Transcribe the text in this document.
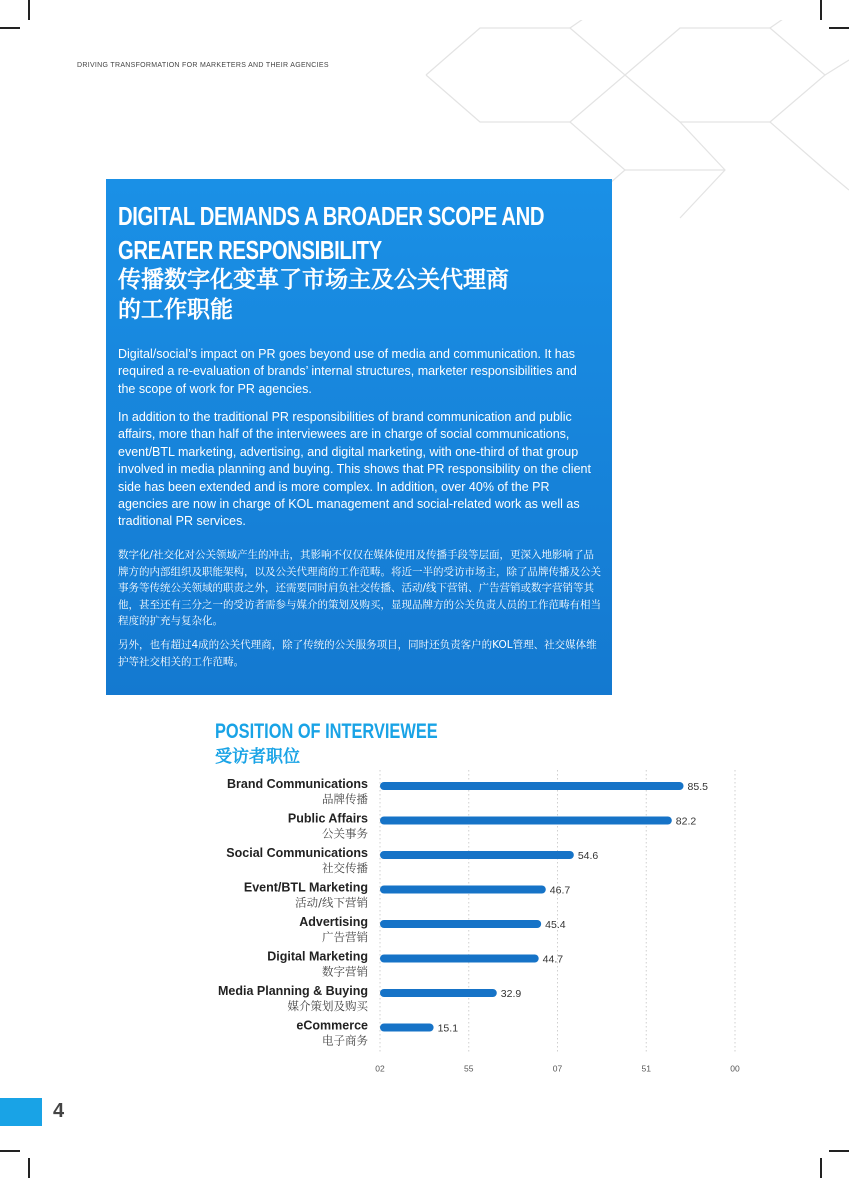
DRIVING TRANSFORMATION FOR MARKETERS AND THEIR AGENCIES
DIGITAL DEMANDS A BROADER SCOPE AND
GREATER RESPONSIBILITY
传播数字化变革了市场主及公关代理商
的工作职能
Digital/social’s impact on PR goes beyond use of media and communication. It has required a re-evaluation of brands’ internal structures, marketer responsibilities and the scope of work for PR agencies.
In addition to the traditional PR responsibilities of brand communication and public affairs, more than half of the interviewees are in charge of social communications, event/BTL marketing, advertising, and digital marketing, with one-third of that group involved in media planning and buying. This shows that PR responsibility on the client side has been extended and is more complex. In addition, over 40% of the PR agencies are now in charge of KOL management and social-related work as well as traditional PR services.
数字化/社交化对公关领域产生的冲击，其影响不仅仅在媒体使用及传播手段等层面，更深入地影响了品牌方的内部组织及职能架构，以及公关代理商的工作范畴。将近一半的受访市场主，除了品牌传播及公关事务等传统公关领域的职责之外，还需要同时肩负社交传播、活动/线下营销、广告营销或数字营销等其他，甚至还有三分之一的受访者需参与媒介的策划及购买，显现品牌方的公关负责人员的工作范畴有相当程度的扩充与复杂化。
另外，也有超过4成的公关代理商，除了传统的公关服务项目，同时还负责客户的KOL管理、社交媒体维护等社交相关的工作范畴。
POSITION OF INTERVIEWEE
受访者职位
02	55	07	51	00
85.5
Brand Communications
品牌传播
82.2
Public Affairs
公关事务
54.6
Social Communications
社交传播
46.7
Event/BTL Marketing
活动/线下营销
45.4
Advertising
广告营销
44.7
Digital Marketing
数字营销
32.9
Media Planning & Buying
媒介策划及购买
15.1
eCommerce
电子商务
4
